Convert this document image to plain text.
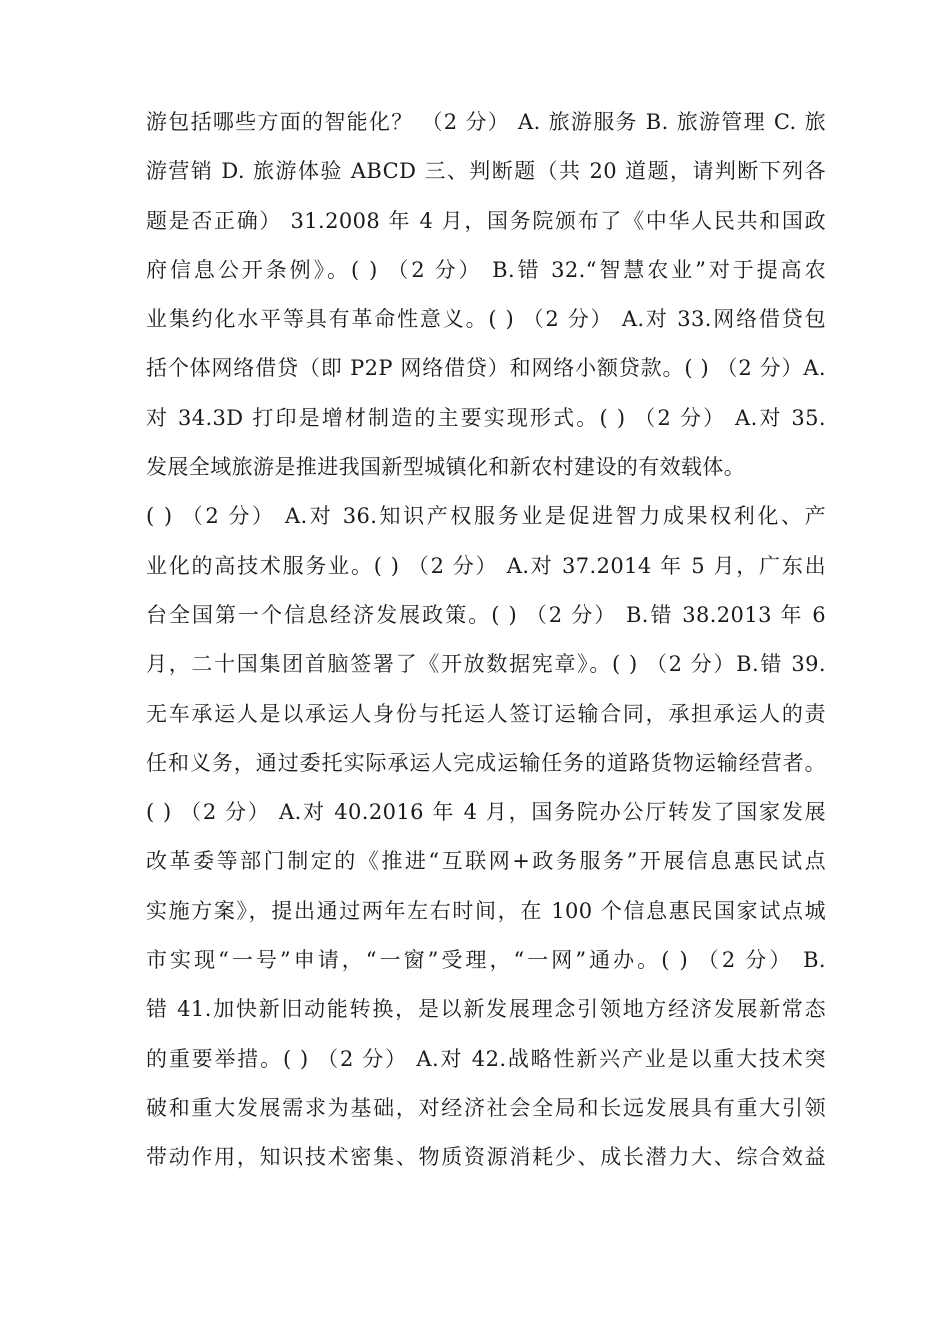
游包括哪些方面的智能化？ （2 分） A. 旅游服务 B. 旅游管理 C. 旅
游营销 D. 旅游体验 ABCD 三、判断题（共 20 道题，请判断下列各
题是否正确） 31.2008 年 4 月，国务院颁布了《中华人民共和国政
府信息公开条例》。( ) （2 分） B.错 32.“智慧农业”对于提高农
业集约化水平等具有革命性意义。( ) （2 分） A.对 33.网络借贷包
括个体网络借贷（即 P2P 网络借贷）和网络小额贷款。( ) （2 分）A.
对 34.3D 打印是增材制造的主要实现形式。( ) （2 分） A.对 35.
发展全域旅游是推进我国新型城镇化和新农村建设的有效载体。
( ) （2 分） A.对 36.知识产权服务业是促进智力成果权利化、产
业化的高技术服务业。( ) （2 分） A.对 37.2014 年 5 月，广东出
台全国第一个信息经济发展政策。( ) （2 分） B.错 38.2013 年 6
月，二十国集团首脑签署了《开放数据宪章》。( ) （2 分）B.错 39.
无车承运人是以承运人身份与托运人签订运输合同，承担承运人的责
任和义务，通过委托实际承运人完成运输任务的道路货物运输经营者。
( ) （2 分） A.对 40.2016 年 4 月，国务院办公厅转发了国家发展
改革委等部门制定的《推进“互联网+政务服务”开展信息惠民试点
实施方案》，提出通过两年左右时间，在 100 个信息惠民国家试点城
市实现“一号”申请，“一窗”受理，“一网”通办。( ) （2 分） B.
错 41.加快新旧动能转换，是以新发展理念引领地方经济发展新常态
的重要举措。( ) （2 分） A.对 42.战略性新兴产业是以重大技术突
破和重大发展需求为基础，对经济社会全局和长远发展具有重大引领
带动作用，知识技术密集、物质资源消耗少、成长潜力大、综合效益
